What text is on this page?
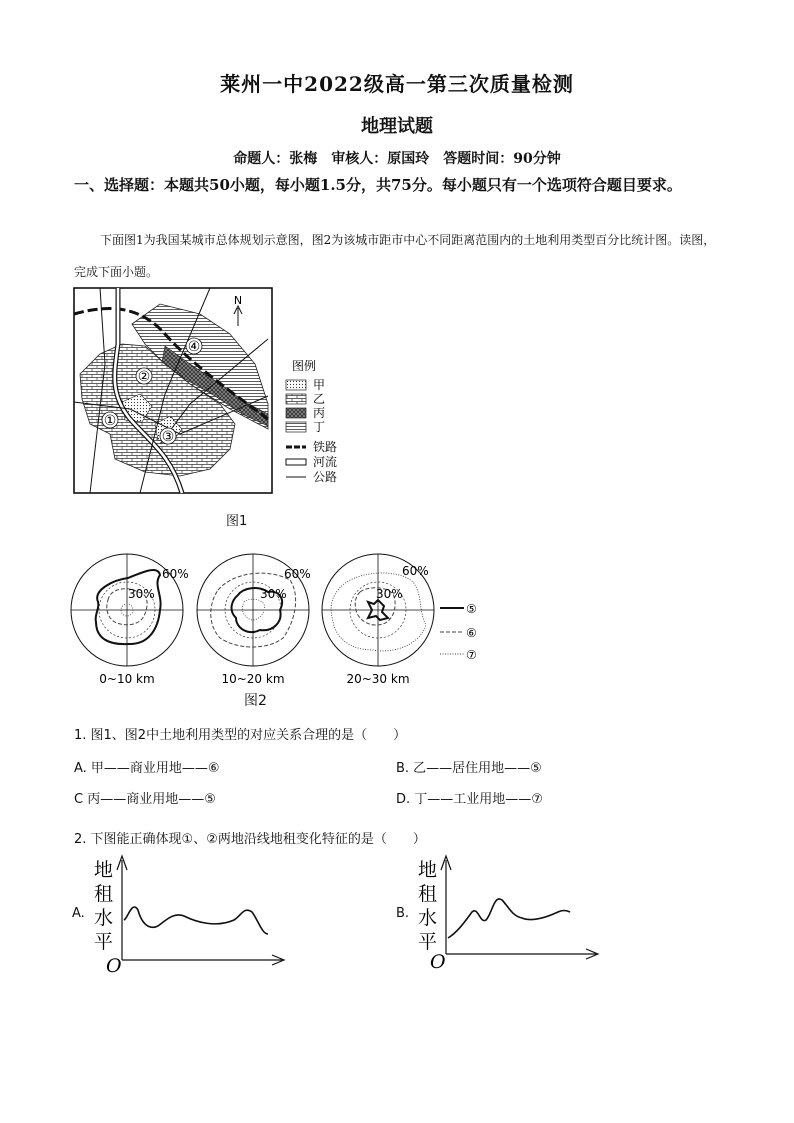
莱州一中2022级高一第三次质量检测
地理试题
命题人：张梅　审核人：原国玲　答题时间：90分钟
一、选择题：本题共50小题，每小题1.5分，共75分。每小题只有一个选项符合题目要求。
下面图1为我国某城市总体规划示意图，图2为该城市距市中心不同距离范围内的土地利用类型百分比统计图。读图，完成下面小题。
①
②
③
④
N
图例
甲
乙
丙
丁
铁路
河流
公路
图1
60%
30%
60%
30%
60%
30%
0~10 km	10~20 km	20~30 km
⑤
⑥
⑦
图2
1. 图1、图2中土地利用类型的对应关系合理的是（　　）
A. 甲——商业用地——⑥	B. 乙——居住用地——⑤
C 丙——商业用地——⑤	D. 丁——工业用地——⑦
2. 下图能正确体现①、②两地沿线地租变化特征的是（　　）
A.
地
租
水
平
O
B.
地
租
水
平
O
